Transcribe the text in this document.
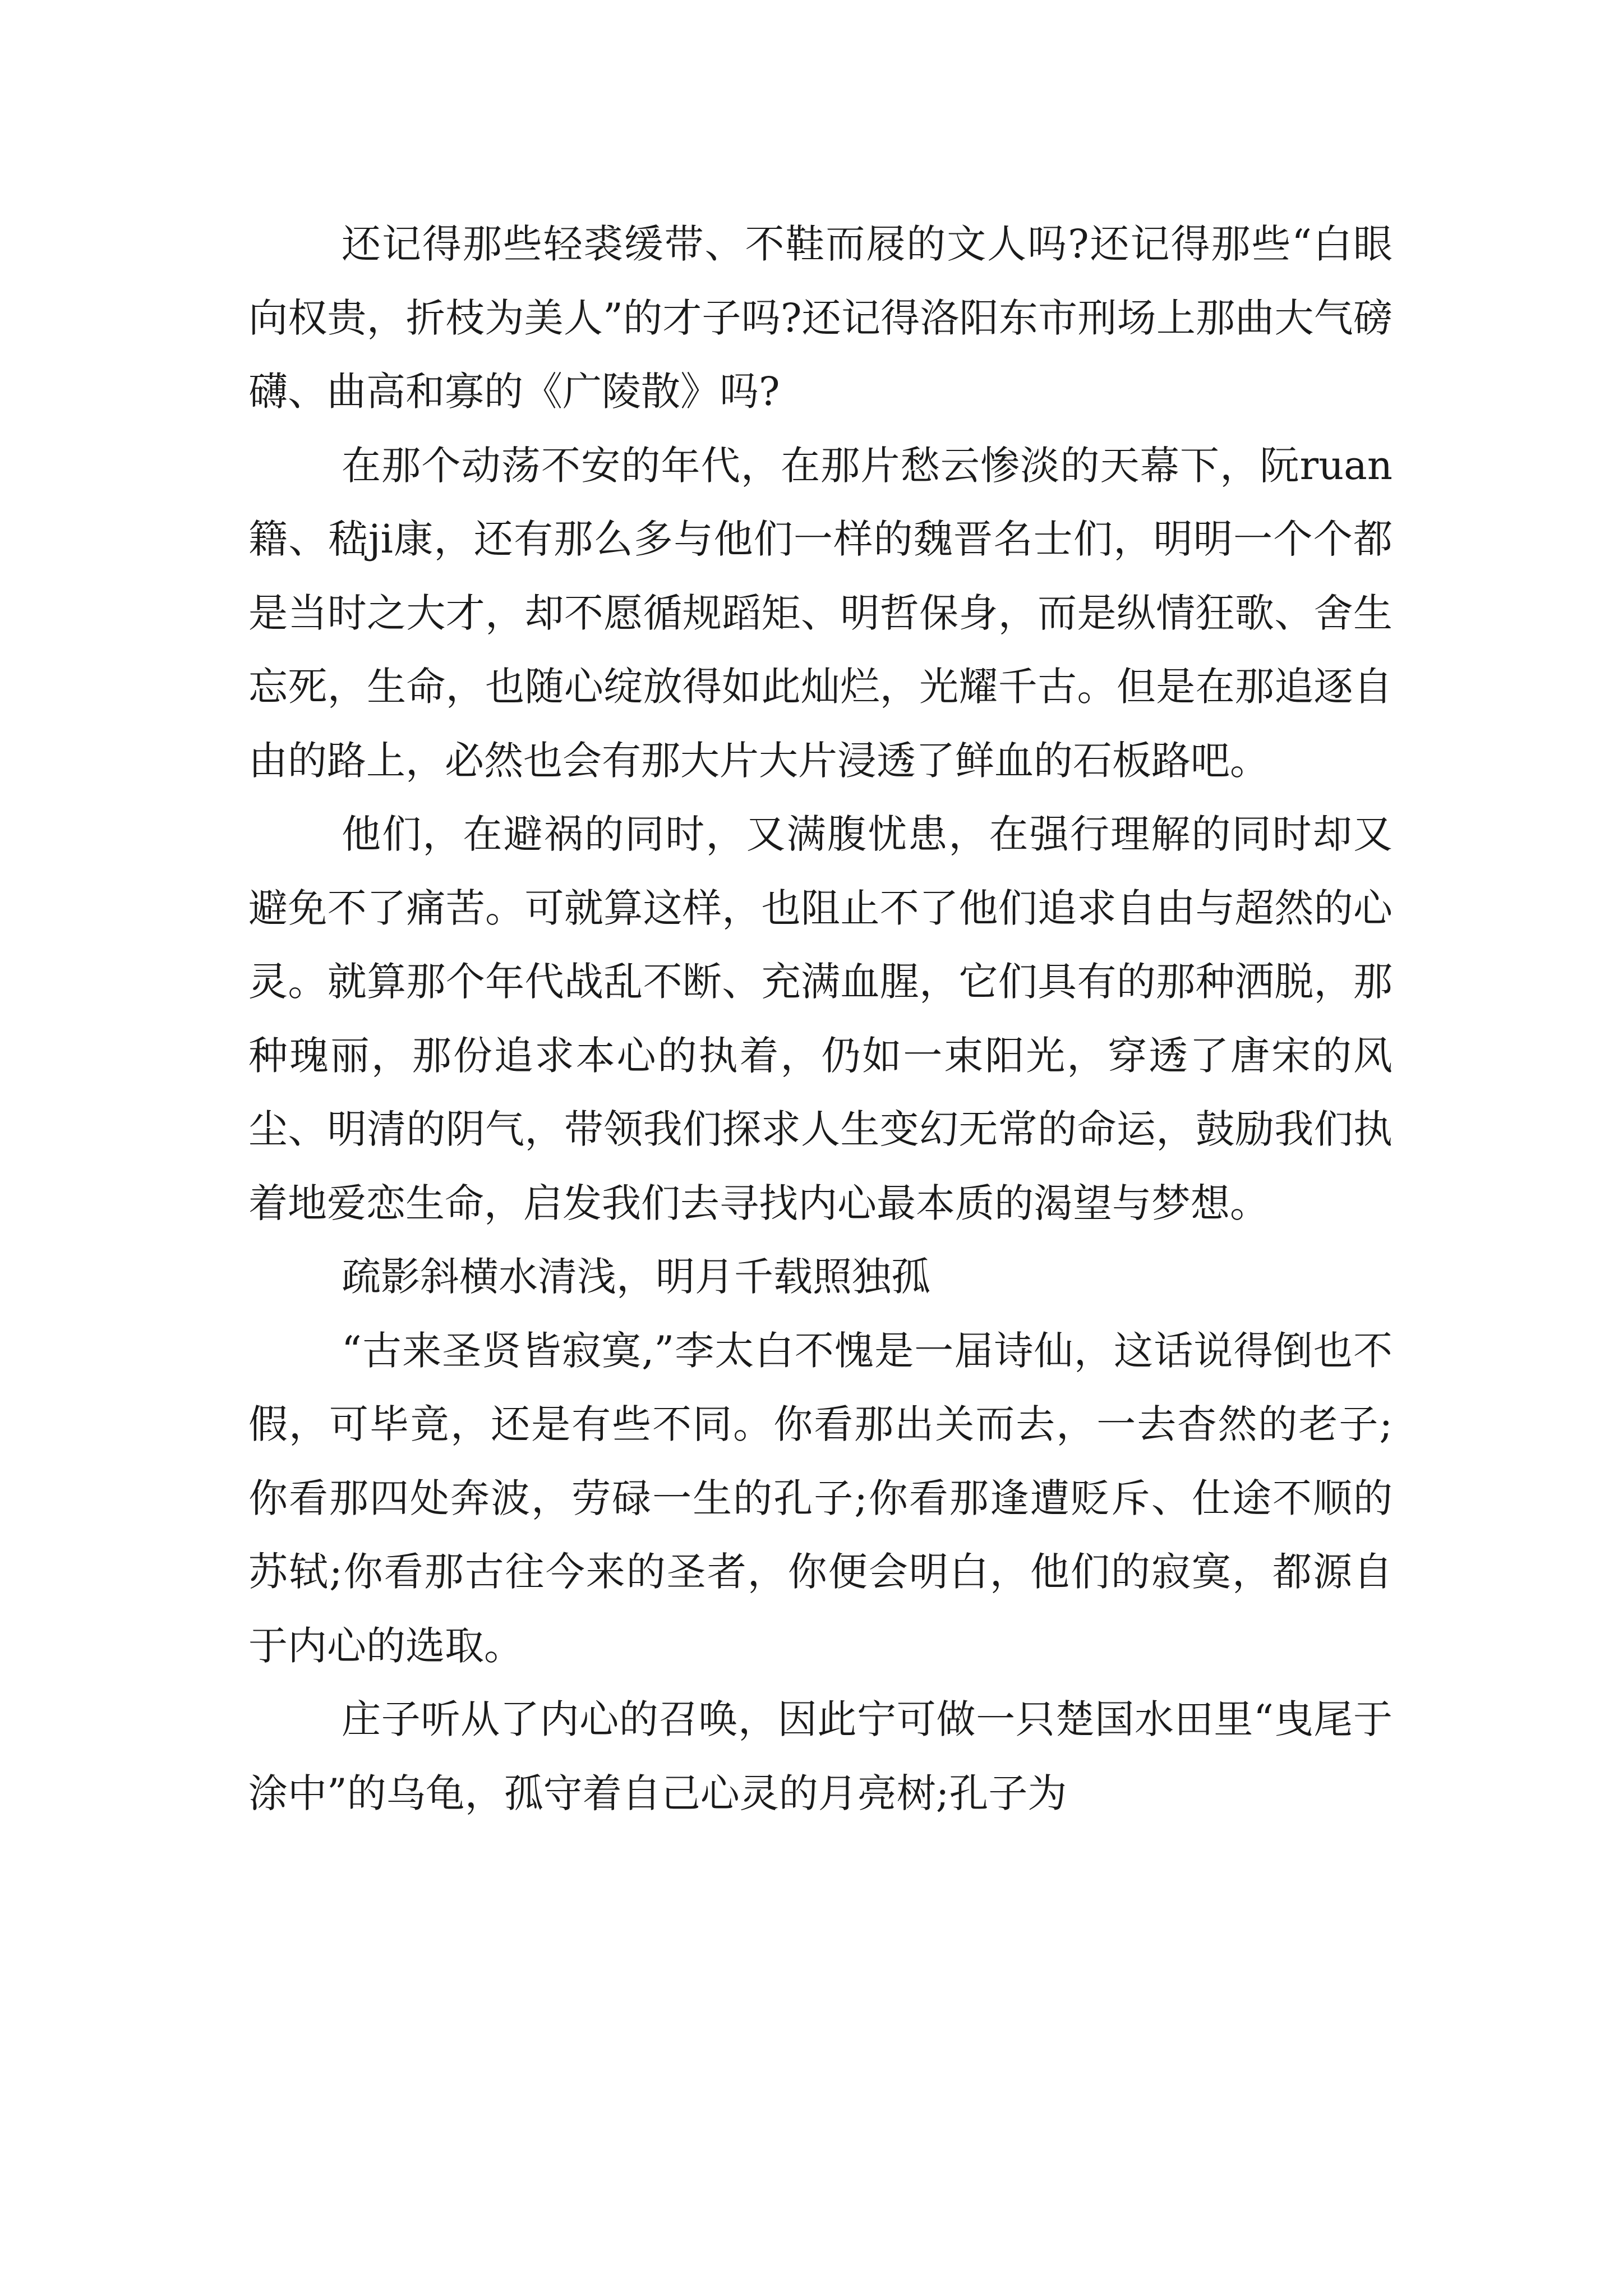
还记得那些轻裘缓带、不鞋而屐的文人吗?还记得那些“白眼向权贵，折枝为美人”的才子吗?还记得洛阳东市刑场上那曲大气磅礴、曲高和寡的《广陵散》吗?

在那个动荡不安的年代，在那片愁云惨淡的天幕下，阮ruan籍、嵇ji康，还有那么多与他们一样的魏晋名士们，明明一个个都是当时之大才，却不愿循规蹈矩、明哲保身，而是纵情狂歌、舍生忘死，生命，也随心绽放得如此灿烂，光耀千古。但是在那追逐自由的路上，必然也会有那大片大片浸透了鲜血的石板路吧。

他们，在避祸的同时，又满腹忧患，在强行理解的同时却又避免不了痛苦。可就算这样，也阻止不了他们追求自由与超然的心灵。就算那个年代战乱不断、充满血腥，它们具有的那种洒脱，那种瑰丽，那份追求本心的执着，仍如一束阳光，穿透了唐宋的风尘、明清的阴气，带领我们探求人生变幻无常的命运，鼓励我们执着地爱恋生命，启发我们去寻找内心最本质的渴望与梦想。

疏影斜横水清浅，明月千载照独孤

“古来圣贤皆寂寞,”李太白不愧是一届诗仙，这话说得倒也不假，可毕竟，还是有些不同。你看那出关而去，一去杳然的老子;你看那四处奔波，劳碌一生的孔子;你看那逢遭贬斥、仕途不顺的苏轼;你看那古往今来的圣者，你便会明白，他们的寂寞，都源自于内心的选取。

庄子听从了内心的召唤，因此宁可做一只楚国水田里“曳尾于涂中”的乌龟，孤守着自己心灵的月亮树;孔子为
